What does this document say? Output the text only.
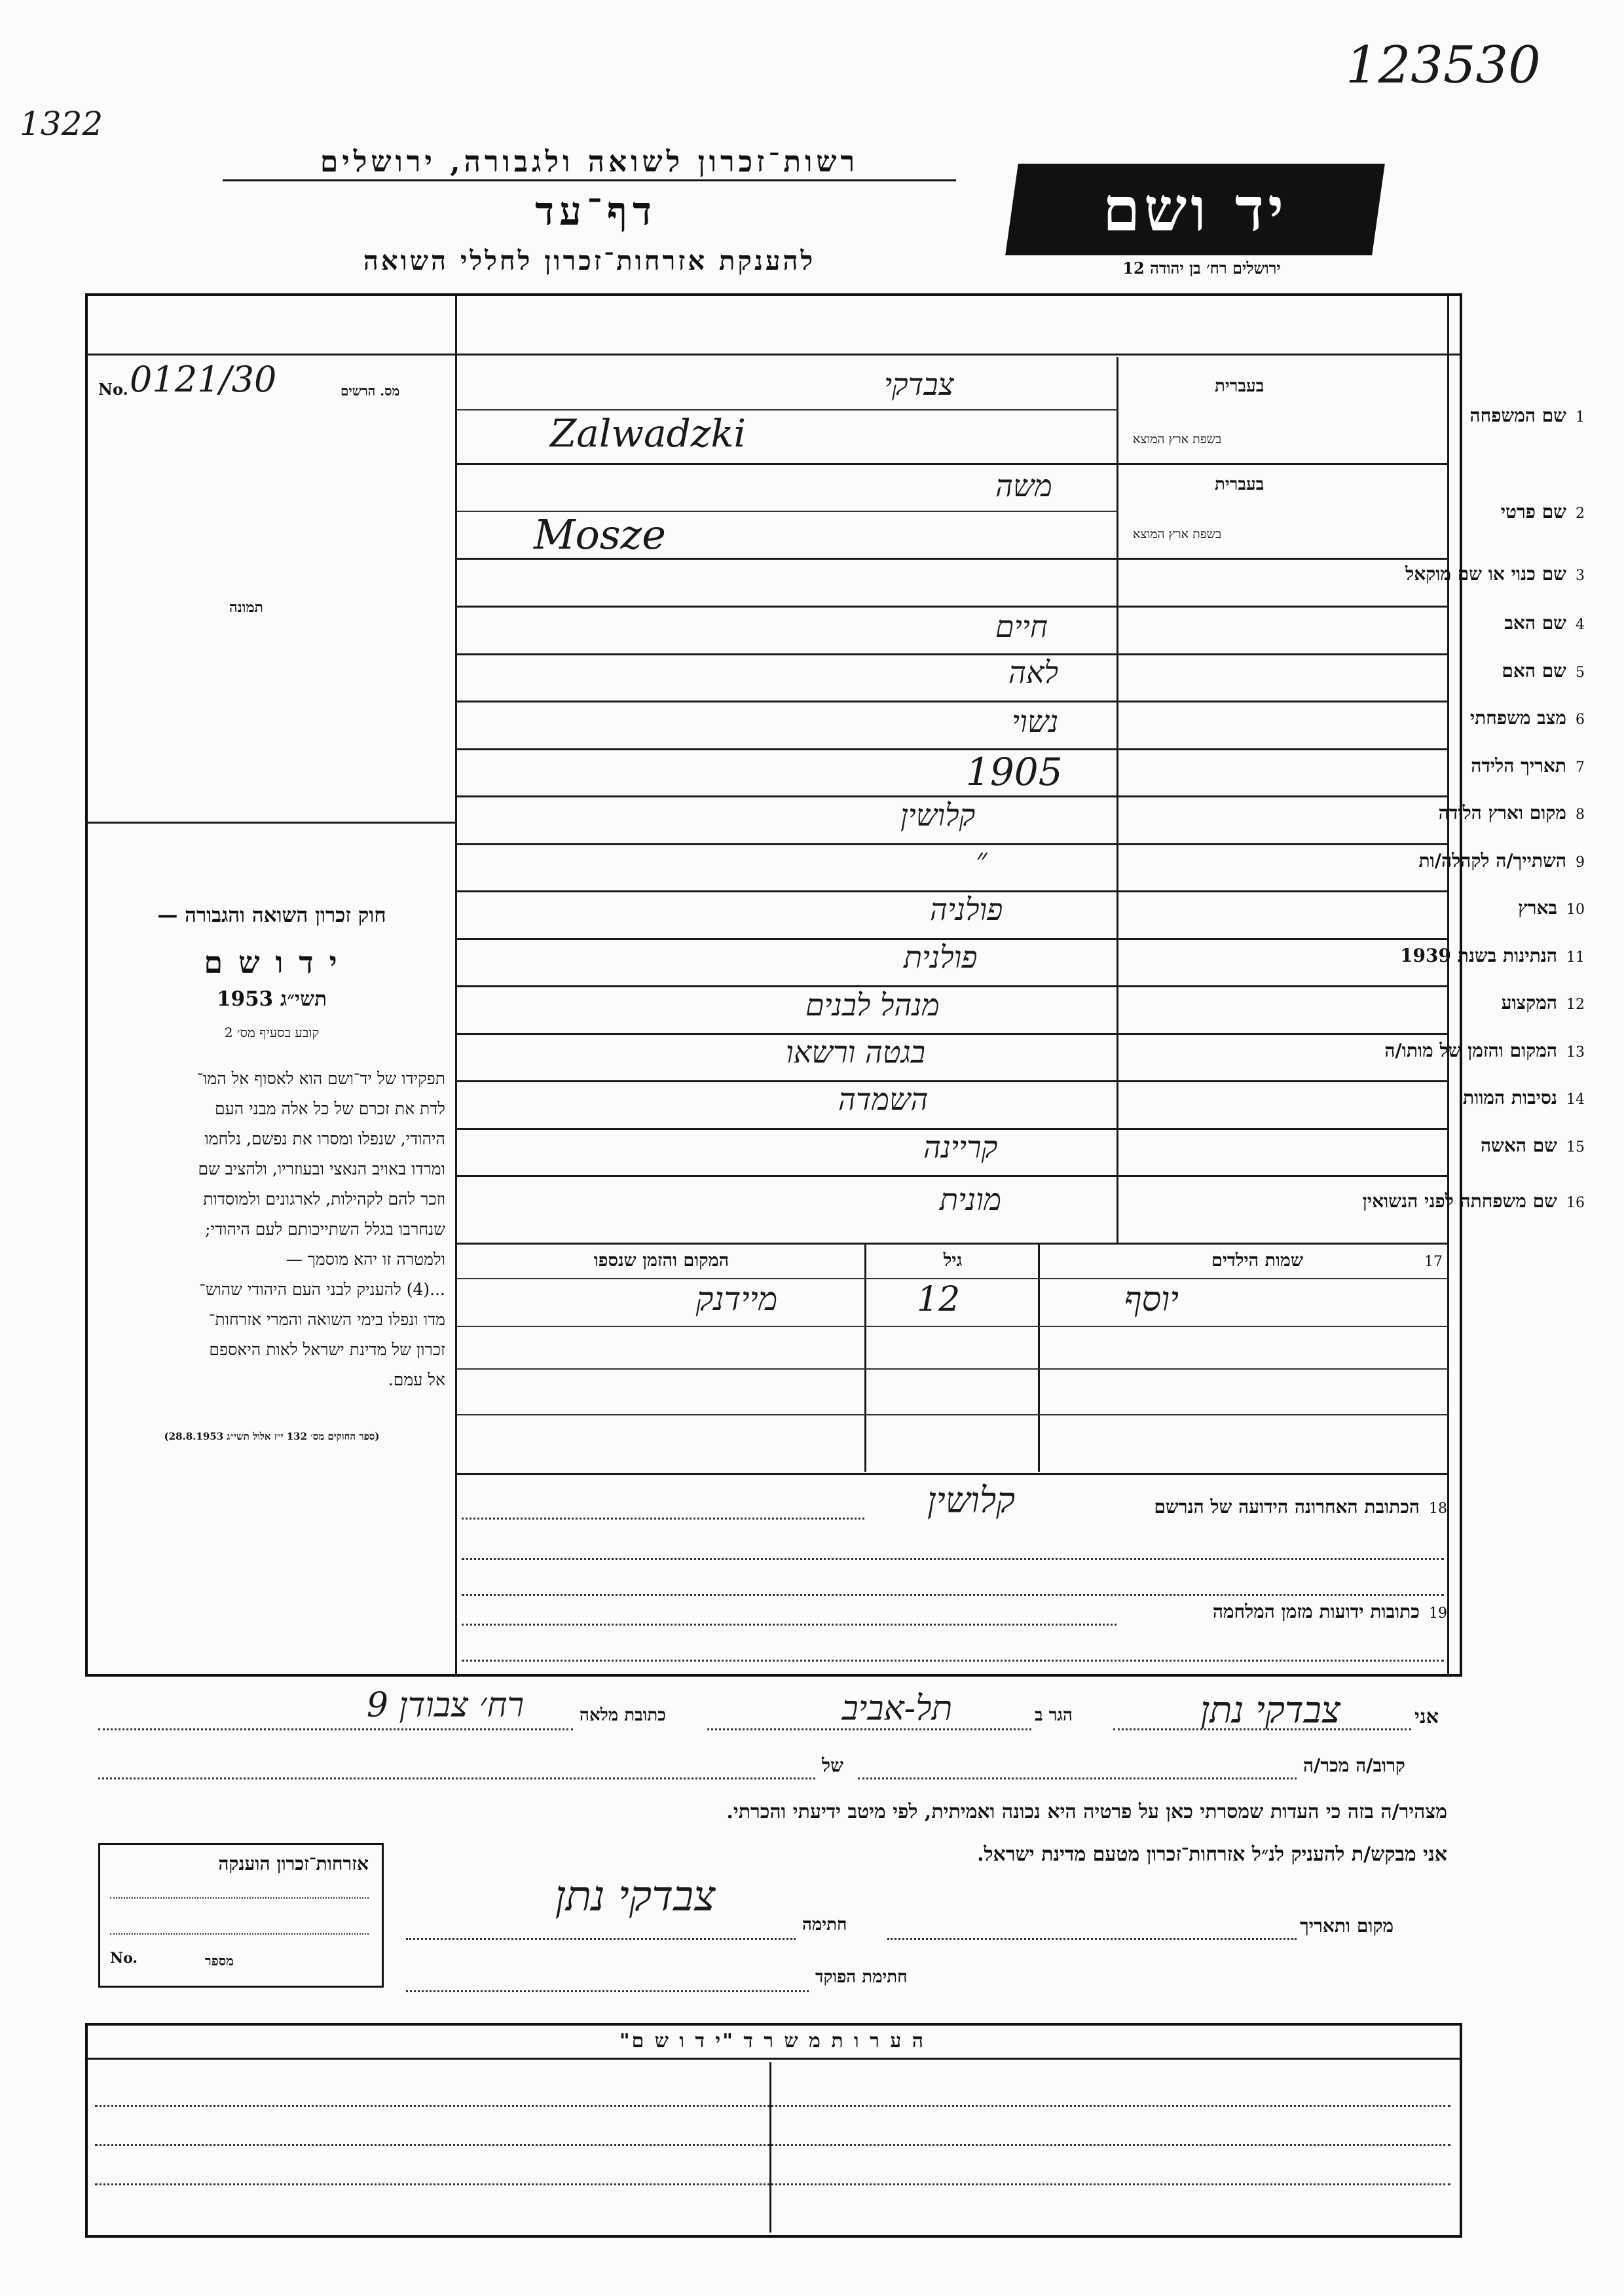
123530
1322
רשות־זכרון לשואה ולגבורה, ירושלים
דף־עד
להענקת אזרחות־זכרון לחללי השואה
יד ושם
ירושלים רח׳ בן יהודה 12
מס. הרשים
No. 0121/30
תמונה
חוק זכרון השואה והגבורה —
י ד ו ש ם
תשי״ג 1953
קובע בסעיף מס׳ 2
תפקידו של יד־ושם הוא לאסוף אל המו־
לדת את זכרם של כל אלה מבני העם
היהודי, שנפלו ומסרו את נפשם, נלחמו
ומרדו באויב הנאצי ובעוזריו, ולהציב שם
וזכר להם לקהילות, לארגונים ולמוסדות
שנחרבו בגלל השתייכותם לעם היהודי;
ולמטרה זו יהא מוסמך —
...(4) להעניק לבני העם היהודי שהוש־
מדו ונפלו בימי השואה והמרי אזרחות־
זכרון של מדינת ישראל לאות היאספם
אל עמם.
(ספר החוקים מס׳ 132 י״ז אלול תשי״ג 28.8.1953)
בעברית
1שם המשפחה
בשפת ארץ המוצא
צבדקי
Zalwadzki
בעברית
2שם פרטי
בשפת ארץ המוצא
משה
Mosze
3שם כנוי או שם מוקאל
4שם האב
חיים
5שם האם
לאה
6מצב משפחתי
נשוי
7תאריך הלידה
1905
8מקום וארץ הלידה
קלושין
9השתייך/ה לקהלה/ות
״
10בארץ
פולניה
11הנתינות בשנת 1939
פולנית
12המקצוע
מנהל לבנים
13המקום והזמן של מותו/ה
בגטה ורשאו
14נסיבות המוות
השמדה
15שם האשה
קריינה
16שם משפחתה לפני הנשואין
מונית
17
שמות הילדים
גיל
המקום והזמן שנספו
יוסף
12
מיידנק
18הכתובת האחרונה הידועה של הנרשם
קלושין
19כתובות ידועות מזמן המלחמה
אני
צבדקי נתן
הגר ב
תל-אביב
כתובת מלאה
רח׳ צבודן 9
קרוב/ה מכר/ה
של
מצהיר/ה בזה כי העדות שמסרתי כאן על פרטיה היא נכונה ואמיתית, לפי מיטב ידיעתי והכרתי.
אני מבקש/ת להעניק לנ״ל אזרחות־זכרון מטעם מדינת ישראל.
אזרחות־זכרון הוענקה
מספר
No.
מקום ותאריך
חתימה
צבדקי נתן
חתימת הפוקד
ה ע ר ו ת מ ש ר ד "י ד ו ש ם"
